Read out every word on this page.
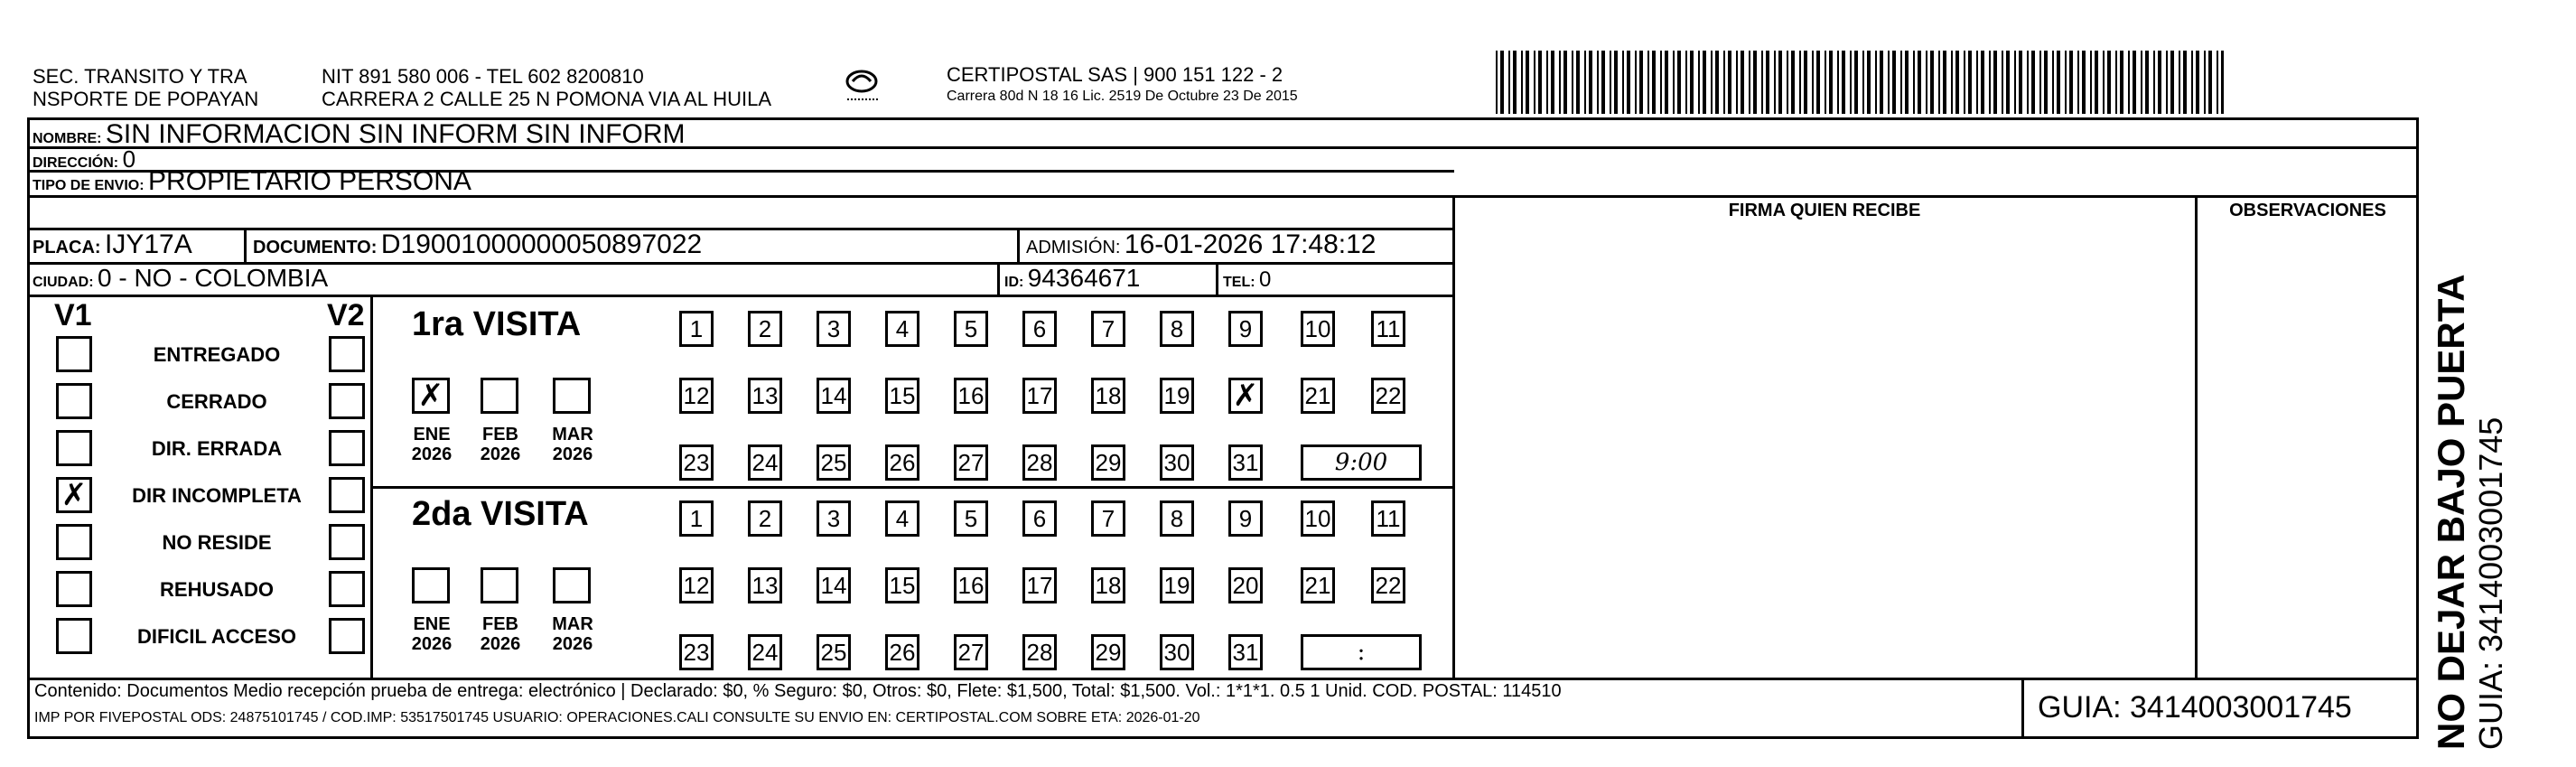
SEC. TRANSITO Y TRA
NSPORTE DE POPAYAN
NIT 891 580 006 - TEL 602 8200810
CARRERA 2 CALLE 25 N POMONA VIA AL HUILA
CERTIPOSTAL SAS | 900 151 122 - 2
Carrera 80d N 18 16 Lic. 2519 De Octubre 23 De 2015
NOMBRE: SIN INFORMACION SIN INFORM SIN INFORM
DIRECCIÓN: 0
TIPO DE ENVIO: PROPIETARIO PERSONA
FIRMA QUIEN RECIBE	OBSERVACIONES
PLACA: IJY17A	DOCUMENTO: D19001000000050897022	ADMISIÓN: 16-01-2026 17:48:12
CIUDAD: 0 - NO - COLOMBIA	ID: 94364671	TEL: 0
V1	V2
ENTREGADO
CERRADO
DIR. ERRADA
✗	DIR INCOMPLETA
NO RESIDE
REHUSADO
DIFICIL ACCESO
1ra VISITA
2da VISITA
1	2	3	4	5	6	7	8	9	10 11
12 13 14 15 16 17 18 19 ✗ 21 22
23 24 25 26 27 28 29 30 31	9:00
✗
ENE
2026
FEB
2026
MAR
2026
1	2	3	4	5	6	7	8	9	10 11
12 13 14 15 16 17 18 19 20 21 22
23 24 25 26 27 28 29 30 31	:
ENE
2026
FEB
2026
MAR
2026
Contenido: Documentos Medio recepción prueba de entrega: electrónico | Declarado: $0, % Seguro: $0, Otros: $0, Flete: $1,500, Total: $1,500. Vol.: 1*1*1. 0.5 1 Unid. COD. POSTAL: 114510
IMP POR FIVEPOSTAL ODS: 24875101745 / COD.IMP: 53517501745 USUARIO: OPERACIONES.CALI CONSULTE SU ENVIO EN: CERTIPOSTAL.COM SOBRE ETA: 2026-01-20	GUIA: 3414003001745 NO DEJAR BAJO PUERTA GUIA: 3414003001745
